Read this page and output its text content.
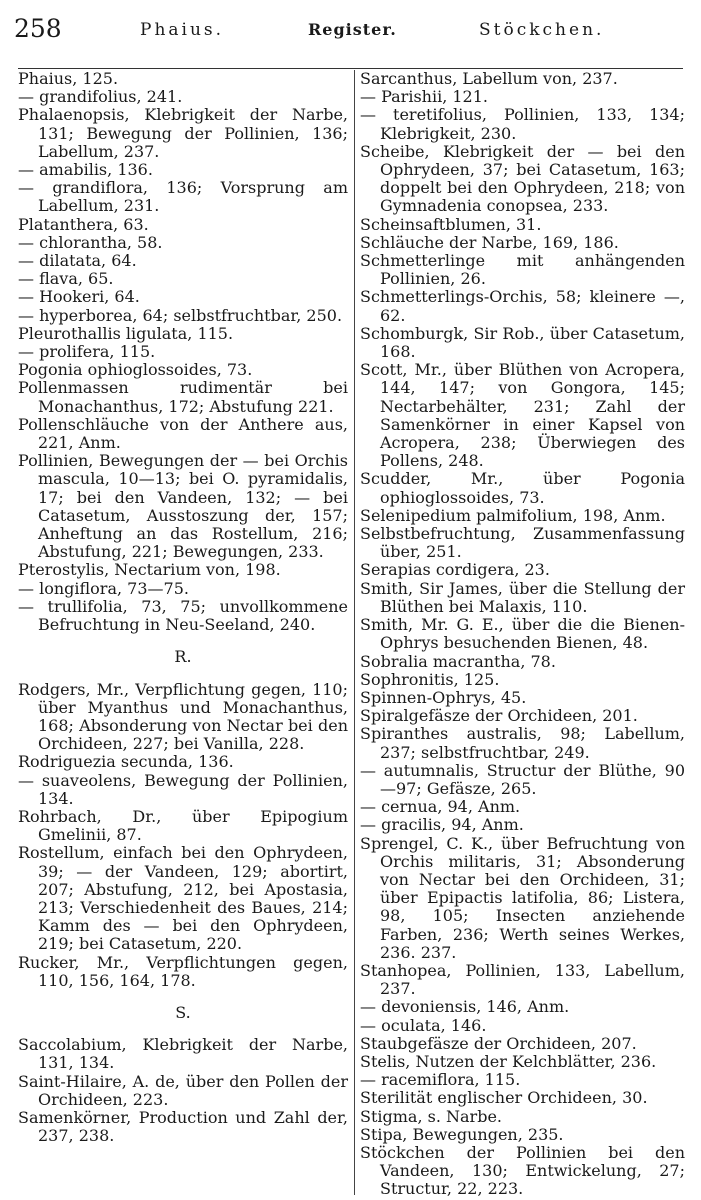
258	Phaius.	Register.	Stöckchen.

Phaius, 125.

— grandifolius, 241.

Phalaenopsis, Klebrigkeit der Narbe, 131; Bewegung der Pollinien, 136; Labellum, 237.

— amabilis, 136.

— grandiflora, 136; Vorsprung am Labellum, 231.

Platanthera, 63.

— chlorantha, 58.

— dilatata, 64.

— flava, 65.

— Hookeri, 64.

— hyperborea, 64; selbstfruchtbar, 250.

Pleurothallis ligulata, 115.

— prolifera, 115.

Pogonia ophioglossoides, 73.

Pollenmassen rudimentär bei Monachanthus, 172; Abstufung 221.

Pollenschläuche von der Anthere aus, 221, Anm.

Pollinien, Bewegungen der — bei Orchis mascula, 10—13; bei O. pyramidalis, 17; bei den Vandeen, 132; — bei Catasetum, Ausstoszung der, 157; Anheftung an das Rostellum, 216; Abstufung, 221; Bewegungen, 233.

Pterostylis, Nectarium von, 198.

— longiflora, 73—75.

— trullifolia, 73, 75; unvollkommene Befruchtung in Neu-Seeland, 240.

R.

Rodgers, Mr., Verpflichtung gegen, 110; über Myanthus und Monachanthus, 168; Absonderung von Nectar bei den Orchideen, 227; bei Vanilla, 228.

Rodriguezia secunda, 136.

— suaveolens, Bewegung der Pollinien, 134.

Rohrbach, Dr., über Epipogium Gmelinii, 87.

Rostellum, einfach bei den Ophrydeen, 39; — der Vandeen, 129; abortirt, 207; Abstufung, 212, bei Apostasia, 213; Verschiedenheit des Baues, 214; Kamm des — bei den Ophrydeen, 219; bei Catasetum, 220.

Rucker, Mr., Verpflichtungen gegen, 110, 156, 164, 178.

S.

Saccolabium, Klebrigkeit der Narbe, 131, 134.

Saint-Hilaire, A. de, über den Pollen der Orchideen, 223.

Samenkörner, Production und Zahl der, 237, 238.

Sarcanthus, Labellum von, 237.

— Parishii, 121.

— teretifolius, Pollinien, 133, 134; Klebrigkeit, 230.

Scheibe, Klebrigkeit der — bei den Ophrydeen, 37; bei Catasetum, 163; doppelt bei den Ophrydeen, 218; von Gymnadenia conopsea, 233.

Scheinsaftblumen, 31.

Schläuche der Narbe, 169, 186.

Schmetterlinge mit anhängenden Pollinien, 26.

Schmetterlings-Orchis, 58; kleinere —, 62.

Schomburgk, Sir Rob., über Catasetum, 168.

Scott, Mr., über Blüthen von Acropera, 144, 147; von Gongora, 145; Nectarbehälter, 231; Zahl der Samenkörner in einer Kapsel von Acropera, 238; Überwiegen des Pollens, 248.

Scudder, Mr., über Pogonia ophioglossoides, 73.

Selenipedium palmifolium, 198, Anm.

Selbstbefruchtung, Zusammenfassung über, 251.

Serapias cordigera, 23.

Smith, Sir James, über die Stellung der Blüthen bei Malaxis, 110.

Smith, Mr. G. E., über die die Bienen-Ophrys besuchenden Bienen, 48.

Sobralia macrantha, 78.

Sophronitis, 125.

Spinnen-Ophrys, 45.

Spiralgefäsze der Orchideen, 201.

Spiranthes australis, 98; Labellum, 237; selbstfruchtbar, 249.

— autumnalis, Structur der Blüthe, 90—97; Gefäsze, 265.

— cernua, 94, Anm.

— gracilis, 94, Anm.

Sprengel, C. K., über Befruchtung von Orchis militaris, 31; Absonderung von Nectar bei den Orchideen, 31; über Epipactis latifolia, 86; Listera, 98, 105; Insecten anziehende Farben, 236; Werth seines Werkes, 236. 237.

Stanhopea, Pollinien, 133, Labellum, 237.

— devoniensis, 146, Anm.

— oculata, 146.

Staubgefäsze der Orchideen, 207.

Stelis, Nutzen der Kelchblätter, 236.

— racemiflora, 115.

Sterilität englischer Orchideen, 30.

Stigma, s. Narbe.

Stipa, Bewegungen, 235.

Stöckchen der Pollinien bei den Vandeen, 130; Entwickelung, 27; Structur, 22, 223.
